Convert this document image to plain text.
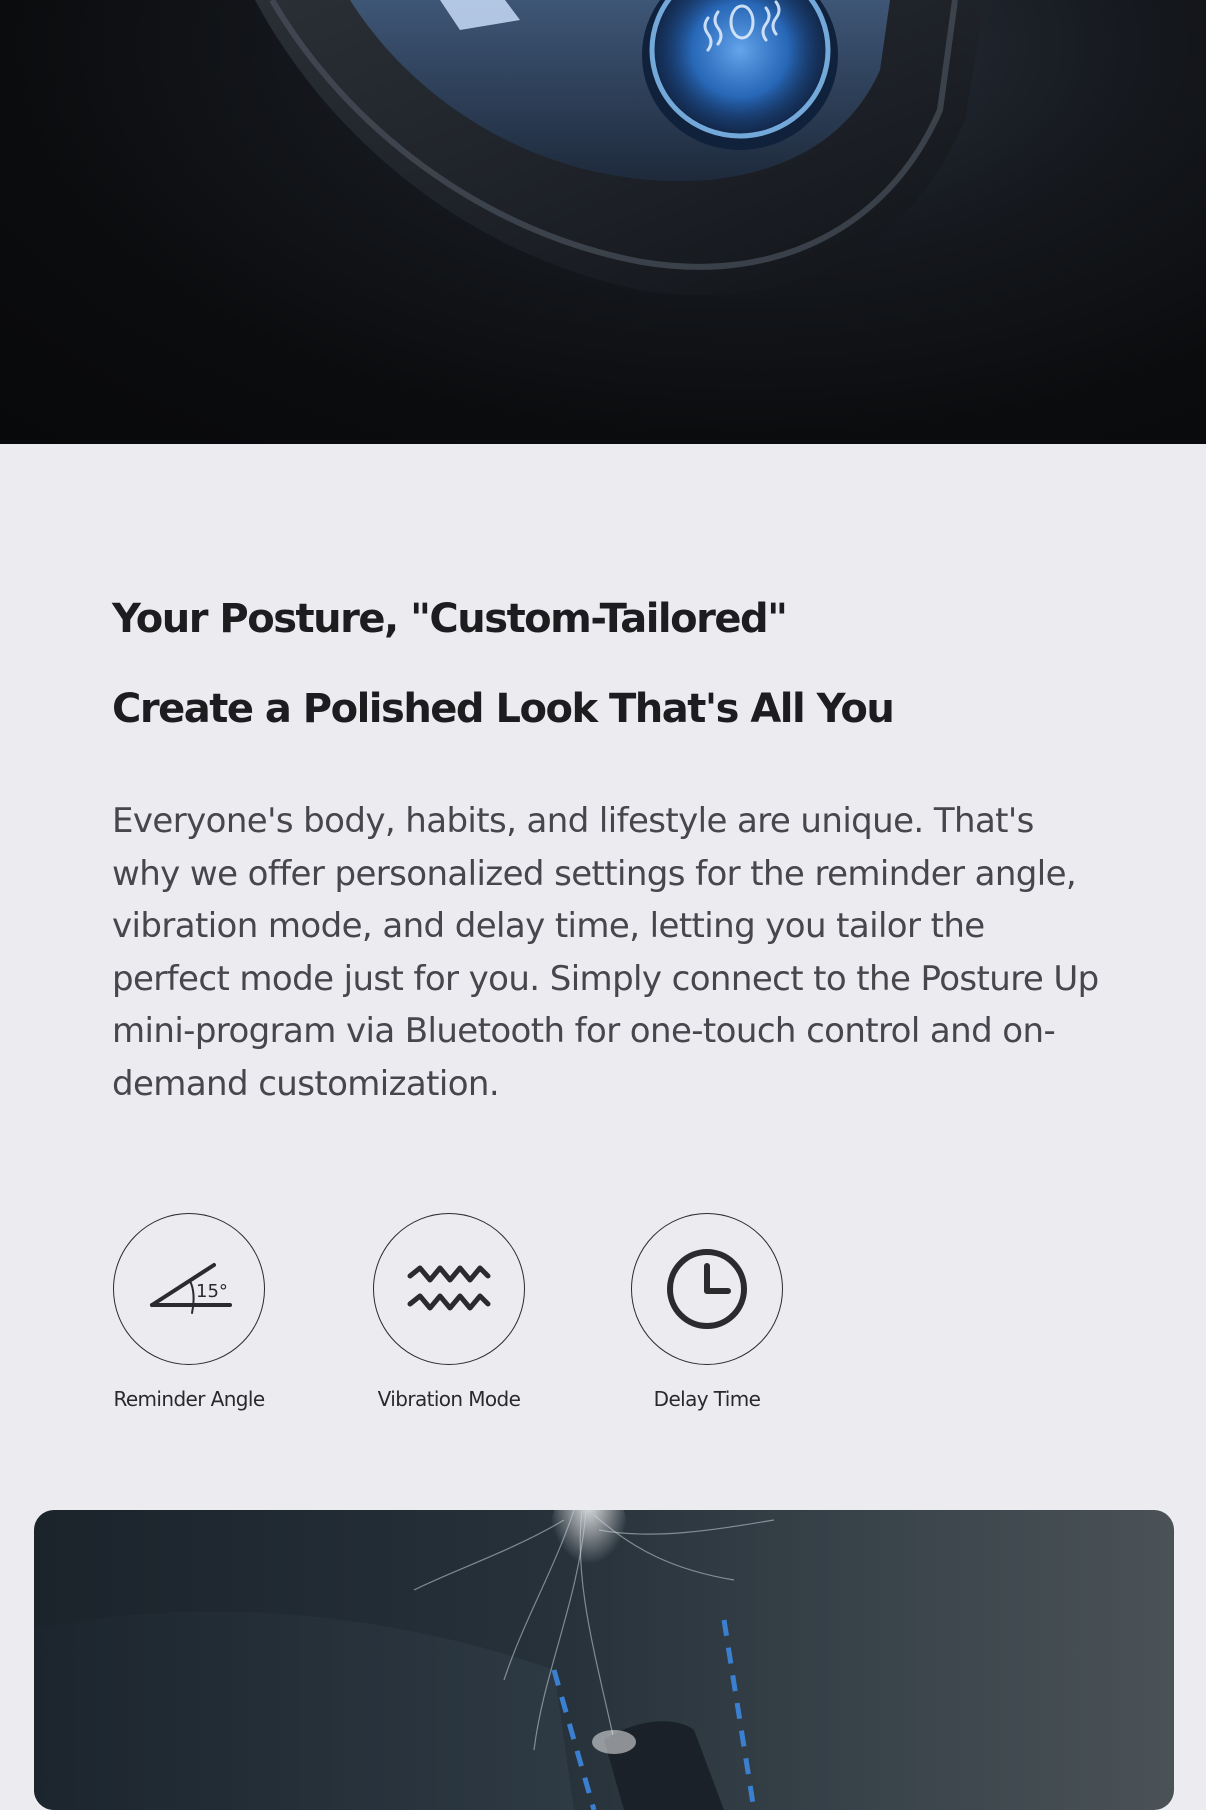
Your Posture, "Custom-Tailored"
Create a Polished Look That's All You

Everyone's body, habits, and lifestyle are unique. That's why we offer personalized settings for the reminder angle, vibration mode, and delay time, letting you tailor the perfect mode just for you. Simply connect to the Posture Up mini-program via Bluetooth for one-touch control and on-demand customization.

15°
Reminder Angle	Vibration Mode	Delay Time
